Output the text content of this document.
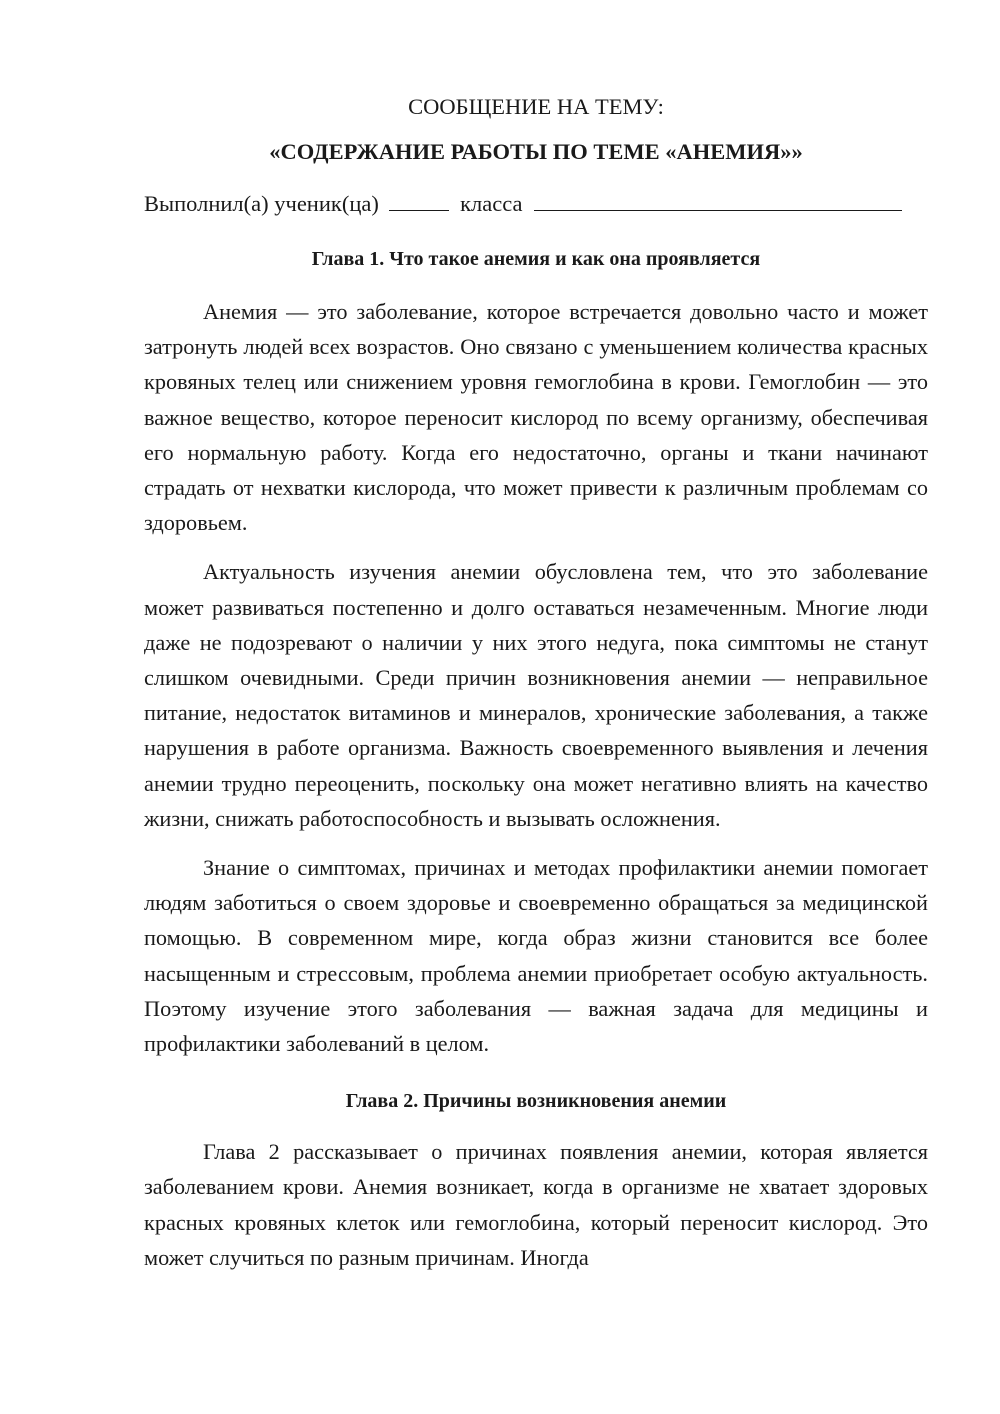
СООБЩЕНИЕ НА ТЕМУ:

«СОДЕРЖАНИЕ РАБОТЫ ПО ТЕМЕ «АНЕМИЯ»»

Выполнил(а) ученик(ца)	класса
Глава 1. Что такое анемия и как она проявляется

Анемия — это заболевание, которое встречается довольно часто и может затронуть людей всех возрастов. Оно связано с уменьшением количества красных кровяных телец или снижением уровня гемоглобина в крови. Гемоглобин — это важное вещество, которое переносит кислород по всему организму, обеспечивая его нормальную работу. Когда его недостаточно, органы и ткани начинают страдать от нехватки кислорода, что может привести к различным проблемам со здоровьем.

Актуальность изучения анемии обусловлена тем, что это заболевание может развиваться постепенно и долго оставаться незамеченным. Многие люди даже не подозревают о наличии у них этого недуга, пока симптомы не станут слишком очевидными. Среди причин возникновения анемии — неправильное питание, недостаток витаминов и минералов, хронические заболевания, а также нарушения в работе организма. Важность своевременного выявления и лечения анемии трудно переоценить, поскольку она может негативно влиять на качество жизни, снижать работоспособность и вызывать осложнения.

Знание о симптомах, причинах и методах профилактики анемии помогает людям заботиться о своем здоровье и своевременно обращаться за медицинской помощью. В современном мире, когда образ жизни становится все более насыщенным и стрессовым, проблема анемии приобретает особую актуальность. Поэтому изучение этого заболевания — важная задача для медицины и профилактики заболеваний в целом.

Глава 2. Причины возникновения анемии

Глава 2 рассказывает о причинах появления анемии, которая является заболеванием крови. Анемия возникает, когда в организме не хватает здоровых красных кровяных клеток или гемоглобина, который переносит кислород. Это может случиться по разным причинам. Иногда
